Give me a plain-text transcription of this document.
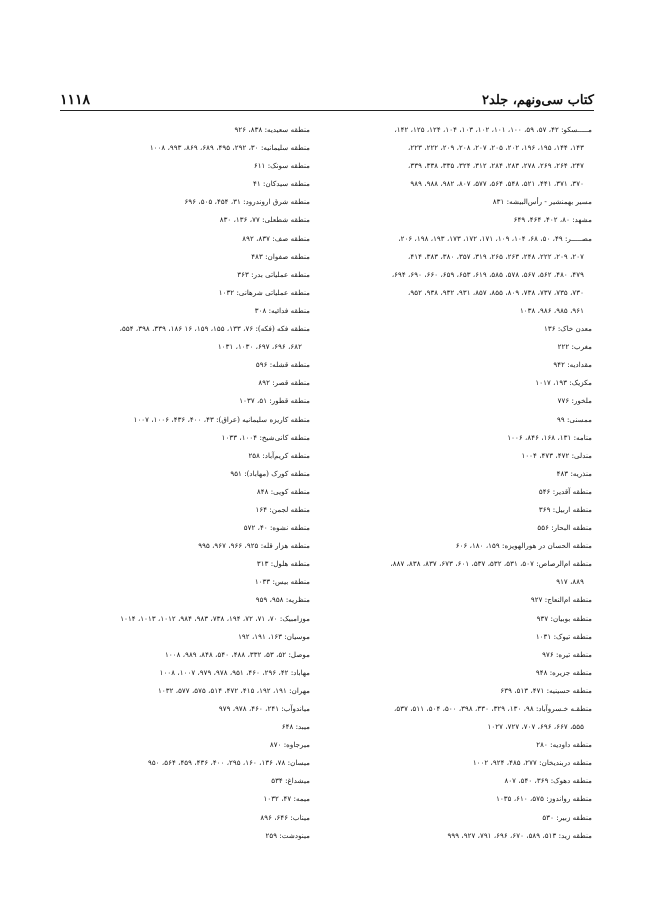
۱۱۱۸	کتاب سی‌ونهم، جلد۲
مـــــسکو: ۴۲، ۵۷، ۵۹، ۱۰۰، ۱۰۱، ۱۰۲، ۱۰۳، ۱۰۴، ۱۲۴، ۱۲۵، ۱۴۲،
۱۴۳، ۱۴۴، ۱۹۵، ۱۹۶، ۲۰۲، ۲۰۵، ۲۰۷، ۲۰۸، ۲۰۹، ۲۲۲، ۲۲۳،
۲۴۷، ۲۶۴، ۲۶۹، ۲۷۸، ۲۸۳، ۲۸۴، ۳۱۲، ۳۲۴، ۳۳۵، ۳۳۸، ۳۳۹،
۳۷۰، ۳۷۱، ۴۴۱، ۵۲۱، ۵۴۸، ۵۶۴، ۵۷۷، ۸۰۷، ۹۸۲، ۹۸۸، ۹۸۹
مسیر بهمنشیر - رأس‌البیشه: ۸۳۱
مشهد: ۸۰، ۴۰۲، ۴۶۴، ۶۴۹
مصـــــر: ۴۹، ۵۰، ۶۸، ۱۰۴، ۱۰۹، ۱۷۱، ۱۷۲، ۱۷۳، ۱۹۳، ۱۹۸، ۲۰۶،
۲۰۷، ۲۰۹، ۲۲۲، ۲۴۸، ۲۶۳، ۲۶۵، ۳۱۹، ۳۵۷، ۳۸۰، ۳۸۳، ۴۱۴،
۴۷۹، ۴۸۰، ۵۶۲، ۵۶۷، ۵۷۸، ۵۸۵، ۶۱۹، ۶۵۳، ۶۵۹، ۶۶۰، ۶۹۰، ۶۹۴،
۷۳۰، ۷۳۵، ۷۳۷، ۷۳۸، ۸۰۹، ۸۵۵، ۸۵۷، ۹۳۱، ۹۳۲، ۹۳۸، ۹۵۲،
۹۶۱، ۹۸۵، ۹۸۶، ۱۰۳۸
معدن خاک: ۱۳۶
مغرب: ۲۲۲
مقدادیه: ۹۴۲
مکزیک: ۱۹۳، ۱۰۱۷
ملخور: ۷۷۶
ممسنی: ۹۹
منامه: ۱۳۱، ۱۶۸، ۸۴۶، ۱۰۰۶
مندلی: ۴۷۲، ۴۷۳، ۱۰۰۴
منذریه: ۴۸۳
منطقه آقدیر: ۵۴۶
منطقه اربیل: ۳۶۹
منطقه البحار: ۵۵۶
منطقه الحسان در هورالهویزه: ۱۵۹، ۱۸۰، ۶۰۶
منطقه ام‌الرصاص: ۵۰۷، ۵۳۱، ۵۳۲، ۵۳۷، ۶۰۱، ۶۷۳، ۸۳۷، ۸۳۸، ۸۸۷،
۸۸۹، ۹۱۷
منطقه ام‌النعاج: ۹۲۷
منطقه بوبیان: ۹۳۷
منطقه تیوک: ۱۰۳۱
منطقه تیره: ۹۷۶
منطقه جزیره: ۹۴۸
منطقه حسینیه: ۴۷۱، ۵۱۳، ۶۳۹
منطقـه خـسروآباد: ۹۸، ۱۳۰، ۳۲۹، ۳۳۰، ۳۹۸، ۵۰۰، ۵۰۴، ۵۱۱، ۵۳۷،
۵۵۵، ۶۶۷، ۶۹۶، ۷۰۷، ۷۲۷، ۱۰۲۷
منطقه داودیه: ۲۸۰
منطقه دربندیخان: ۲۷۷، ۴۸۵، ۹۲۴، ۱۰۰۲
منطقه دهوک: ۳۶۹، ۵۴۰، ۸۰۷
منطقه رواندوز: ۵۷۵، ۶۱۰، ۱۰۳۵
منطقه زبیر: ۵۳۰
منطقه زید: ۵۱۳، ۵۸۹، ۶۷۰، ۶۹۶، ۷۹۱، ۹۲۷، ۹۹۹
منطقه سعیدیه: ۸۳۸، ۹۲۶
منطقه سلیمانیه: ۳۰، ۲۹۲، ۴۹۵، ۶۸۹، ۸۶۹، ۹۹۳، ۱۰۰۸
منطقه سونک: ۶۱۱
منطقه سیدکان: ۴۱
منطقه شرق اروندرود: ۳۱، ۴۵۴، ۵۰۵، ۶۹۶
منطقه شطعلی: ۷۷، ۱۳۶، ۸۳۰
منطقه صف: ۸۳۷، ۸۹۲
منطقه صفوان: ۴۸۳
منطقه عملیاتی بدر: ۳۶۳
منطقه عملیاتی شرهانی: ۱۰۳۲
منطقه فدائیه: ۳۰۸
منطقه فکه (فکه): ۷۶، ۱۳۳، ۱۵۵، ۱۵۹، ۱۶ ۱۸۶، ۳۳۹، ۳۹۸، ۵۵۴،
۶۸۲، ۶۹۶، ۶۹۷، ۱۰۳۰، ۱۰۳۱
منطقه قشله: ۵۹۶
منطقه قصر: ۸۹۲
منطقه قطور: ۵۱، ۱۰۳۷
منطقه کاریزه سلیمانیه (عراق): ۴۳، ۴۰۰، ۴۳۶، ۱۰۰۶، ۱۰۰۷
منطقه کانی‌شیخ: ۱۰۰۴، ۱۰۳۳
منطقه کریم‌آباد: ۲۵۸
منطقه کورک (مهاباد): ۹۵۱
منطقه کویی: ۸۴۸
منطقه لجمن: ۱۶۴
منطقه نشوه: ۴۰، ۵۷۲
منطقه هزار قله: ۹۲۵، ۹۶۶، ۹۶۷، ۹۹۵
منطقه هلول: ۳۱۳
منطقه بیس: ۱۰۳۳
منظریه: ۹۵۸، ۹۵۹
موزامبیک: ۷۰، ۷۱، ۷۲، ۱۹۴، ۷۳۸، ۹۸۳، ۹۸۴، ۱۰۱۲، ۱۰۱۳، ۱۰۱۴
موسیان: ۱۶۳، ۱۹۱، ۱۹۲
موصل: ۵۲، ۵۳، ۳۳۲، ۴۸۸، ۵۴۰، ۸۴۸، ۹۸۹، ۱۰۰۸
مهاباد: ۴۲، ۲۹۶، ۴۶۰، ۹۵۱، ۹۷۸، ۹۷۹، ۱۰۰۷، ۱۰۰۸
مهران: ۱۹۱، ۱۹۲، ۴۱۵، ۴۷۲، ۵۱۴، ۵۷۵، ۵۷۷، ۱۰۳۲
میاندوآب: ۲۴۱، ۴۶۰، ۹۷۸، ۹۷۹
میبد: ۶۴۸
میرجاوه: ۸۷۰
میسان: ۷۸، ۱۳۶، ۱۶۰، ۲۹۵، ۴۰۰، ۴۳۶، ۴۵۹، ۵۶۴، ۹۵۰
میشداغ: ۵۳۴
میمه: ۴۷، ۱۰۳۲
میناب: ۶۴۶، ۸۹۶
مینودشت: ۲۵۹
